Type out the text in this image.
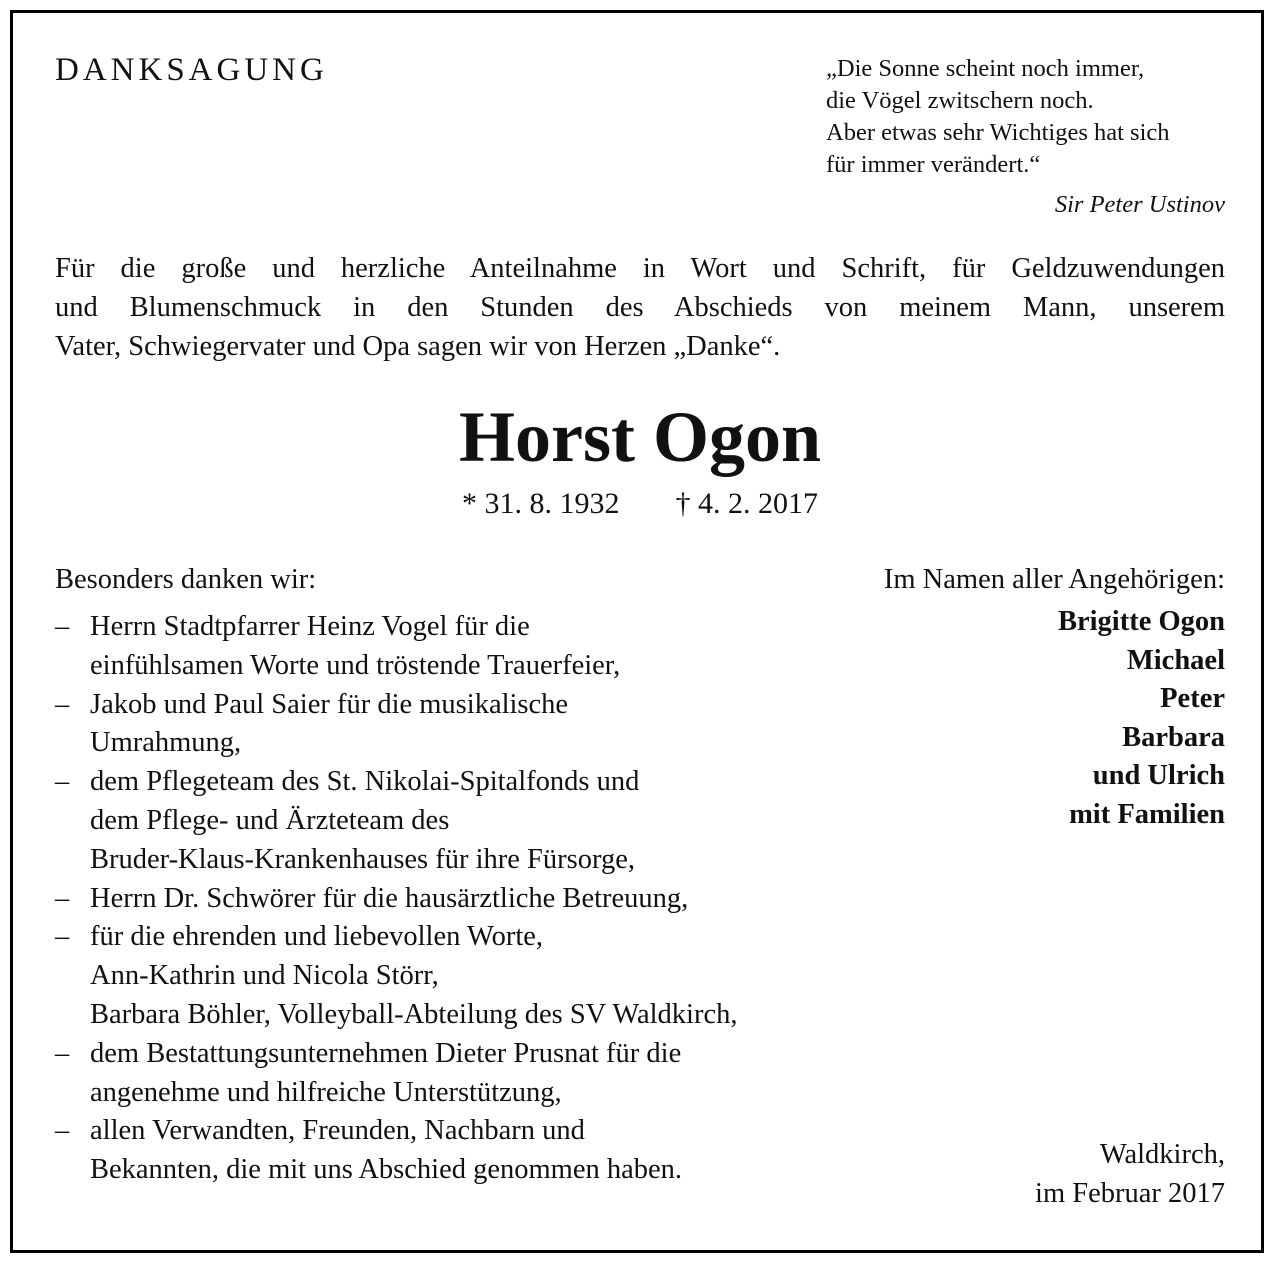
DANKSAGUNG	„Die Sonne scheint noch immer,
die Vögel zwitschern noch.
Aber etwas sehr Wichtiges hat sich
für immer verändert.“
Sir Peter Ustinov
Für die große und herzliche Anteilnahme in Wort und Schrift, für Geldzuwendungen
und Blumenschmuck in den Stunden des Abschieds von meinem Mann, unserem
Vater, Schwiegervater und Opa sagen wir von Herzen „Danke“.
Horst Ogon
* 31. 8. 1932 † 4. 2. 2017
Besonders danken wir:
– Herrn Stadtpfarrer Heinz Vogel für die
einfühlsamen Worte und tröstende Trauerfeier,
– Jakob und Paul Saier für die musikalische
Umrahmung,
– dem Pflegeteam des St. Nikolai-Spitalfonds und
dem Pflege- und Ärzteteam des
Bruder-Klaus-Krankenhauses für ihre Fürsorge,
– Herrn Dr. Schwörer für die hausärztliche Betreuung,
– für die ehrenden und liebevollen Worte,
Ann-Kathrin und Nicola Störr,
Barbara Böhler, Volleyball-Abteilung des SV Waldkirch,
– dem Bestattungsunternehmen Dieter Prusnat für die
angenehme und hilfreiche Unterstützung,
– allen Verwandten, Freunden, Nachbarn und
Bekannten, die mit uns Abschied genommen haben.
Im Namen aller Angehörigen:
Brigitte Ogon
Michael
Peter
Barbara
und Ulrich
mit Familien
Waldkirch,
im Februar 2017
